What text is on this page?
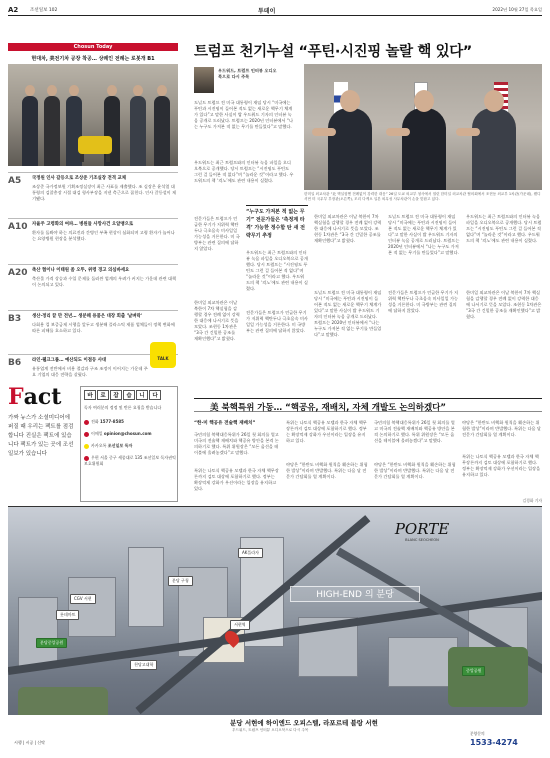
A2	조선일보 102	투데이	2022년 10월 27일 목요일
Chosun Today
현대차, 美전기차 공장 착공… 상례인 전례는 로봇개 B1
A5 국정원 인사 갈등으로 조상준 기조실장 전격 교체
조상준 국가정보원 기획조정실장이 최근 사표를 제출했다. 조 실장은 윤석열 대통령의 검찰총장 시절 대검 형사부장을 지낸 측근으로 꼽힌다. 인사 갈등설이 제기됐다.
A10 자율주 고령화의 여파… 병원들 사망사건 오알맹으로
환자를 돌봐야 하는 의료진과 간병인 부족 현상이 심화되며 고령 환자가 늘어나는 요양병원 현장을 분석했다.
A20 축산 협이나 이태원 좀 오뚜, 위령 경고 의심바세요
축산물 가격 상승과 수입 문제를 둘러싼 업계의 우려가 커지는 가운데 관련 대책이 논의되고 있다.
B3 생산·정리 끝 만 전년… 생분해 용품은 대장 회출 '날벼락'
다회용 컵 보증금제 시행을 앞두고 생분해 플라스틱 제품 업체들이 정책 변화에 따른 피해를 호소하고 있다.
B6 라인·웰크그룹… 예산되도 이점등 사대
유통업계 전반에서 비용 절감과 구조 조정이 이어지는 가운데 주요 기업의 대응 전략을 살폈다.
TALK
Fact
가짜 뉴스가 소셜미디어에 퍼질 때 우리는 팩트를 점검합니다 진실은 팩트에 있습니다 팩트가 있는 곳에 조선일보가 있습니다
바	로	잡	습	니	다
독자 여러분의 정정 및 반론 요청을 받습니다
전화 1577-8585
이메일 opinion@chosun.com
카카오톡 조선일보 독자
우편 서울 중구 세종대로 135 조선일보 독자권익보호위원회
트럼프 천기누설 “푸틴·시진핑 놀랄 핵 있다”
우드워드, 트럼프 인터뷰 오디오북으로 다시 주목
도널드 트럼프 전 미국 대통령이 재임 당시 “미국에는 푸틴과 시진핑이 들어본 적도 없는 새로운 핵무기 체계가 있다”고 말한 사실이 밥 우드워드 기자의 인터뷰 녹음 공개로 드러났다. 트럼프는 2020년 인터뷰에서 “나는 누구도 가져본 적 없는 무기를 만들었다”고 말했다.
우드워드는 최근 트럼프와의 인터뷰 녹음 파일을 오디오북으로 공개했다. 당시 트럼프는 “시진핑도 푸틴도 그런 걸 들어본 적 없다”며 “놀라운 것”이라고 했다. 우드워드의 책 ‘격노’에도 관련 내용이 실렸다.
전문가들은 트럼프가 언급한 무기가 저위력 핵탄두나 극초음속 미사일일 가능성을 거론한다. 미 국방부는 관련 질의에 답하지 않았다.
한미일 외교차관은 이날 북한이 7차 핵실험을 감행할 경우 전례 없이 강력한 대응에 나서기로 뜻을 모았다. 조현동 1차관은 “3국 간 긴밀한 공조를 재확인했다”고 밝혔다.
한미일 외교차관 “北 핵실험엔 전례없이 강력한 대응” 26일 도쿄 외교부 청사에서 열린 한미일 외교차관 협의회에서 조현동 외교부 1차관(가운데), 웬디 셔먼 미 국무부 부장관(오른쪽), 모리 다케오 일본 외무성 사무차관이 손을 맞잡고 있다.
“누구도 가져본 적 없는 무기” 전문가들은 ‘측정계 타격’ 가능한 정수함 탄 새 전략무기 추정
우드워드는 최근 트럼프와의 인터뷰 녹음 파일을 오디오북으로 공개했다. 당시 트럼프는 “시진핑도 푸틴도 그런 걸 들어본 적 없다”며 “놀라운 것”이라고 했다. 우드워드의 책 ‘격노’에도 관련 내용이 실렸다.
전문가들은 트럼프가 언급한 무기가 저위력 핵탄두나 극초음속 미사일일 가능성을 거론한다. 미 국방부는 관련 질의에 답하지 않았다.
한미일 외교차관은 이날 북한이 7차 핵실험을 감행할 경우 전례 없이 강력한 대응에 나서기로 뜻을 모았다. 조현동 1차관은 “3국 간 긴밀한 공조를 재확인했다”고 밝혔다.
도널드 트럼프 전 미국 대통령이 재임 당시 “미국에는 푸틴과 시진핑이 들어본 적도 없는 새로운 핵무기 체계가 있다”고 말한 사실이 밥 우드워드 기자의 인터뷰 녹음 공개로 드러났다. 트럼프는 2020년 인터뷰에서 “나는 누구도 가져본 적 없는 무기를 만들었다”고 말했다.
도널드 트럼프 전 미국 대통령이 재임 당시 “미국에는 푸틴과 시진핑이 들어본 적도 없는 새로운 핵무기 체계가 있다”고 말한 사실이 밥 우드워드 기자의 인터뷰 녹음 공개로 드러났다. 트럼프는 2020년 인터뷰에서 “나는 누구도 가져본 적 없는 무기를 만들었다”고 말했다.
전문가들은 트럼프가 언급한 무기가 저위력 핵탄두나 극초음속 미사일일 가능성을 거론한다. 미 국방부는 관련 질의에 답하지 않았다.
우드워드는 최근 트럼프와의 인터뷰 녹음 파일을 오디오북으로 공개했다. 당시 트럼프는 “시진핑도 푸틴도 그런 걸 들어본 적 없다”며 “놀라운 것”이라고 했다. 우드워드의 책 ‘격노’에도 관련 내용이 실렸다.
한미일 외교차관은 이날 북한이 7차 핵실험을 감행할 경우 전례 없이 강력한 대응에 나서기로 뜻을 모았다. 조현동 1차관은 “3국 간 긴밀한 공조를 재확인했다”고 밝혔다.
美 북핵특위 가동… “핵공유, 재배치, 자체 개발도 논의하겠다”
“한·미 핵공유 전술핵 재배치”
국민의힘 북핵대응특위가 26일 첫 회의를 열고 미국의 전술핵 재배치와 핵공유 방안을 본격 논의하기로 했다. 특위 위원장은 “모든 옵션을 테이블에 올려놓겠다”고 말했다.
특위는 나토식 핵공유 모델과 한국 자체 핵무장론까지 검토 대상에 포함하기로 했다. 정부는 확장억제 강화가 우선이라는 입장을 유지하고 있다.
특위는 나토식 핵공유 모델과 한국 자체 핵무장론까지 검토 대상에 포함하기로 했다. 정부는 확장억제 강화가 우선이라는 입장을 유지하고 있다.
야당은 “한반도 비핵화 원칙을 훼손하는 위험한 발상”이라며 반발했다. 특위는 다음 달 전문가 간담회를 열 계획이다.
국민의힘 북핵대응특위가 26일 첫 회의를 열고 미국의 전술핵 재배치와 핵공유 방안을 본격 논의하기로 했다. 특위 위원장은 “모든 옵션을 테이블에 올려놓겠다”고 말했다.
야당은 “한반도 비핵화 원칙을 훼손하는 위험한 발상”이라며 반발했다. 특위는 다음 달 전문가 간담회를 열 계획이다.
야당은 “한반도 비핵화 원칙을 훼손하는 위험한 발상”이라며 반발했다. 특위는 다음 달 전문가 간담회를 열 계획이다.
특위는 나토식 핵공유 모델과 한국 자체 핵무장론까지 검토 대상에 포함하기로 했다. 정부는 확장억제 강화가 우선이라는 입장을 유지하고 있다.
김경화 기자
PORTE
BLANC SEOCHEON
HIGH-END 의 분당
AK플라자
CGV 서현
롯데마트
천당고대학
분당 구청
분당중앙공원
서현역
중앙공원
분당 서현에 하이엔드 오피스텔, 라포르테 블랑 서현
우드워드, 트럼프 인터뷰 오디오북으로 다시 주목
시행 | 시공 | 신탁
분양문의
1533-4274
